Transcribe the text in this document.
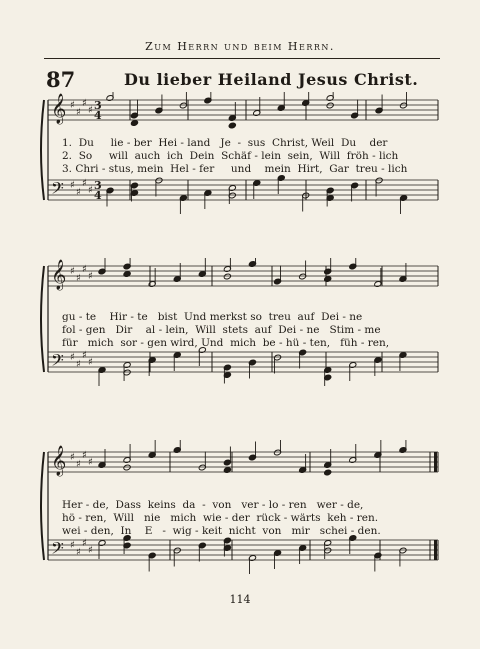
Zum Herrn und beim Herrn.
87	Du lieber Heiland Jesus Christ.
𝄞 ♯
♯
♯
♯ 3
4
𝄢 ♯
♯
♯
♯ 3
4
1.  Du     lie - ber  Hei - land   Je  -  sus  Christ, Weil  Du    der
2.  So     will  auch  ich  Dein  Schäf - lein  sein,  Will  fröh - lich
3. Chri - stus, mein  Hel - fer     und    mein  Hirt,  Gar  treu - lich
𝄞 ♯
♯
♯
♯
𝄢 ♯
♯
♯
♯
gu - te    Hir - te   bist  Und merkst so  treu  auf  Dei - ne
fol - gen   Dir    al - lein,  Will  stets  auf  Dei - ne   Stim - me
für   mich  sor - gen wird, Und  mich  be - hü - ten,   füh - ren,
𝄞 ♯
♯
♯
♯
𝄢 ♯
♯
♯
♯
Her - de,  Dass  keins  da  -  von   ver - lo - ren   wer - de,
hö - ren,  Will   nie   mich  wie - der  rück - wärts  keh - ren.
wei - den,  In    E   -  wig - keit  nicht  von   mir   schei - den.
114
